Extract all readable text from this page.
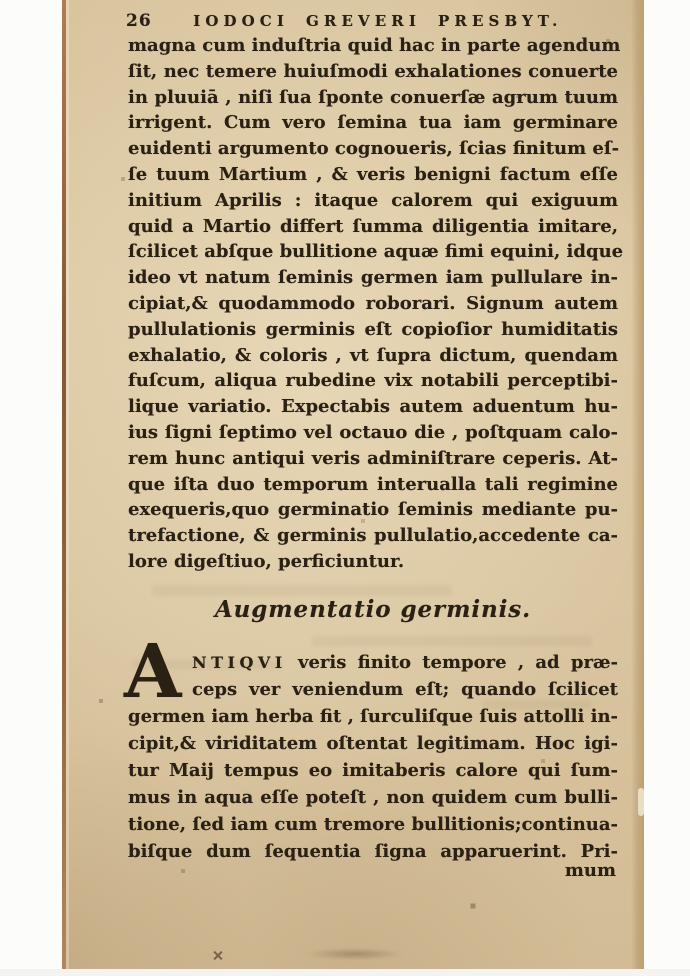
26	IODOCI GREVERI PRESBYT.
magna cum induſtria quid hac in parte agendum
ſit, nec temere huiuſmodi exhalationes conuerte
in pluuiā , niſi ſua ſponte conuerſæ agrum tuum
irrigent. Cum vero ſemina tua iam germinare
euidenti argumento cognoueris, ſcias finitum eſ-
ſe tuum Martium , & veris benigni factum eſſe
initium Aprilis : itaque calorem qui exiguum
quid a Martio differt ſumma diligentia imitare,
ſcilicet abſque bullitione aquæ fimi equini, idque
ideo vt natum ſeminis germen iam pullulare in-
cipiat,& quodammodo roborari. Signum autem
pullulationis germinis eſt copioſior humiditatis
exhalatio, & coloris , vt ſupra dictum, quendam
fuſcum, aliqua rubedine vix notabili perceptibi-
lique variatio. Expectabis autem aduentum hu-
ius ſigni ſeptimo vel octauo die , poſtquam calo-
rem hunc antiqui veris adminiſtrare ceperis. At-
que iſta duo temporum interualla tali regimine
exequeris,quo germinatio ſeminis mediante pu-
trefactione, & germinis pullulatio,accedente ca-
lore digeſtiuo, perficiuntur.
Augmentatio germinis.
A NTIQVI veris finito tempore , ad præ-
ceps ver veniendum eſt; quando ſcilicet
germen iam herba fit , ſurculiſque ſuis attolli in-
cipit,& viriditatem oſtentat legitimam. Hoc igi-
tur Maij tempus eo imitaberis calore qui ſum-
mus in aqua eſſe poteſt , non quidem cum bulli-
tione, ſed iam cum tremore bullitionis;continua-
biſque dum ſequentia ſigna apparuerint. Pri-
mum
